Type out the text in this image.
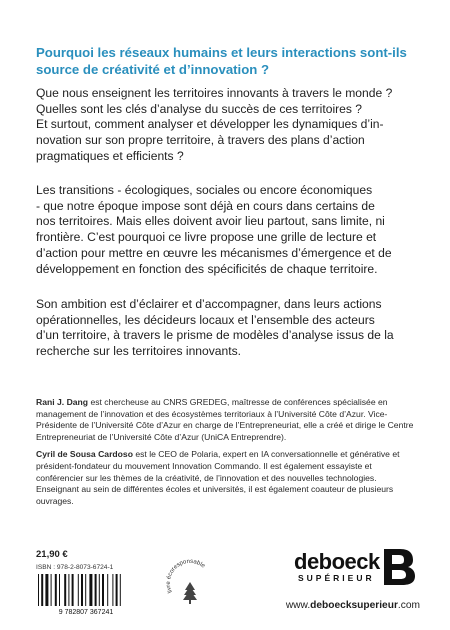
Pourquoi les réseaux humains et leurs interactions sont-ils source de créativité et d’innovation ?

Que nous enseignent les territoires innovants à travers le monde ?
Quelles sont les clés d’analyse du succès de ces territoires ?
Et surtout, comment analyser et développer les dynamiques d’in-
novation sur son propre territoire, à travers des plans d’action
pragmatiques et efficients ?

Les transitions - écologiques, sociales ou encore économiques
- que notre époque impose sont déjà en cours dans certains de
nos territoires. Mais elles doivent avoir lieu partout, sans limite, ni
frontière. C’est pourquoi ce livre propose une grille de lecture et
d’action pour mettre en œuvre les mécanismes d’émergence et de
développement en fonction des spécificités de chaque territoire.

Son ambition est d’éclairer et d’accompagner, dans leurs actions
opérationnelles, les décideurs locaux et l’ensemble des acteurs
d’un territoire, à travers le prisme de modèles d’analyse issus de la
recherche sur les territoires innovants.

Rani J. Dang est chercheuse au CNRS GREDEG, maîtresse de conférences spécialisée en management de l’innovation et des écosystèmes territoriaux à l’Université Côte d’Azur. Vice-Présidente de l’Université Côte d’Azur en charge de l’Entrepreneuriat, elle a créé et dirige le Centre Entrepreneuriat de l’Université Côte d’Azur (UniCA Entreprendre).

Cyril de Sousa Cardoso est le CEO de Polaria, expert en IA conversationnelle et générative et président-fondateur du mouvement Innovation Commando. Il est également essayiste et conférencier sur les thèmes de la créativité, de l’innovation et des nouvelles technologies. Enseignant au sein de différentes écoles et universités, il est également coauteur de plusieurs ouvrages.

21,90 €
ISBN : 978-2-8073-6724-1
9 782807 367241
livre écoresponsable	deboeck
SUPÉRIEUR
www.deboecksuperieur.com
